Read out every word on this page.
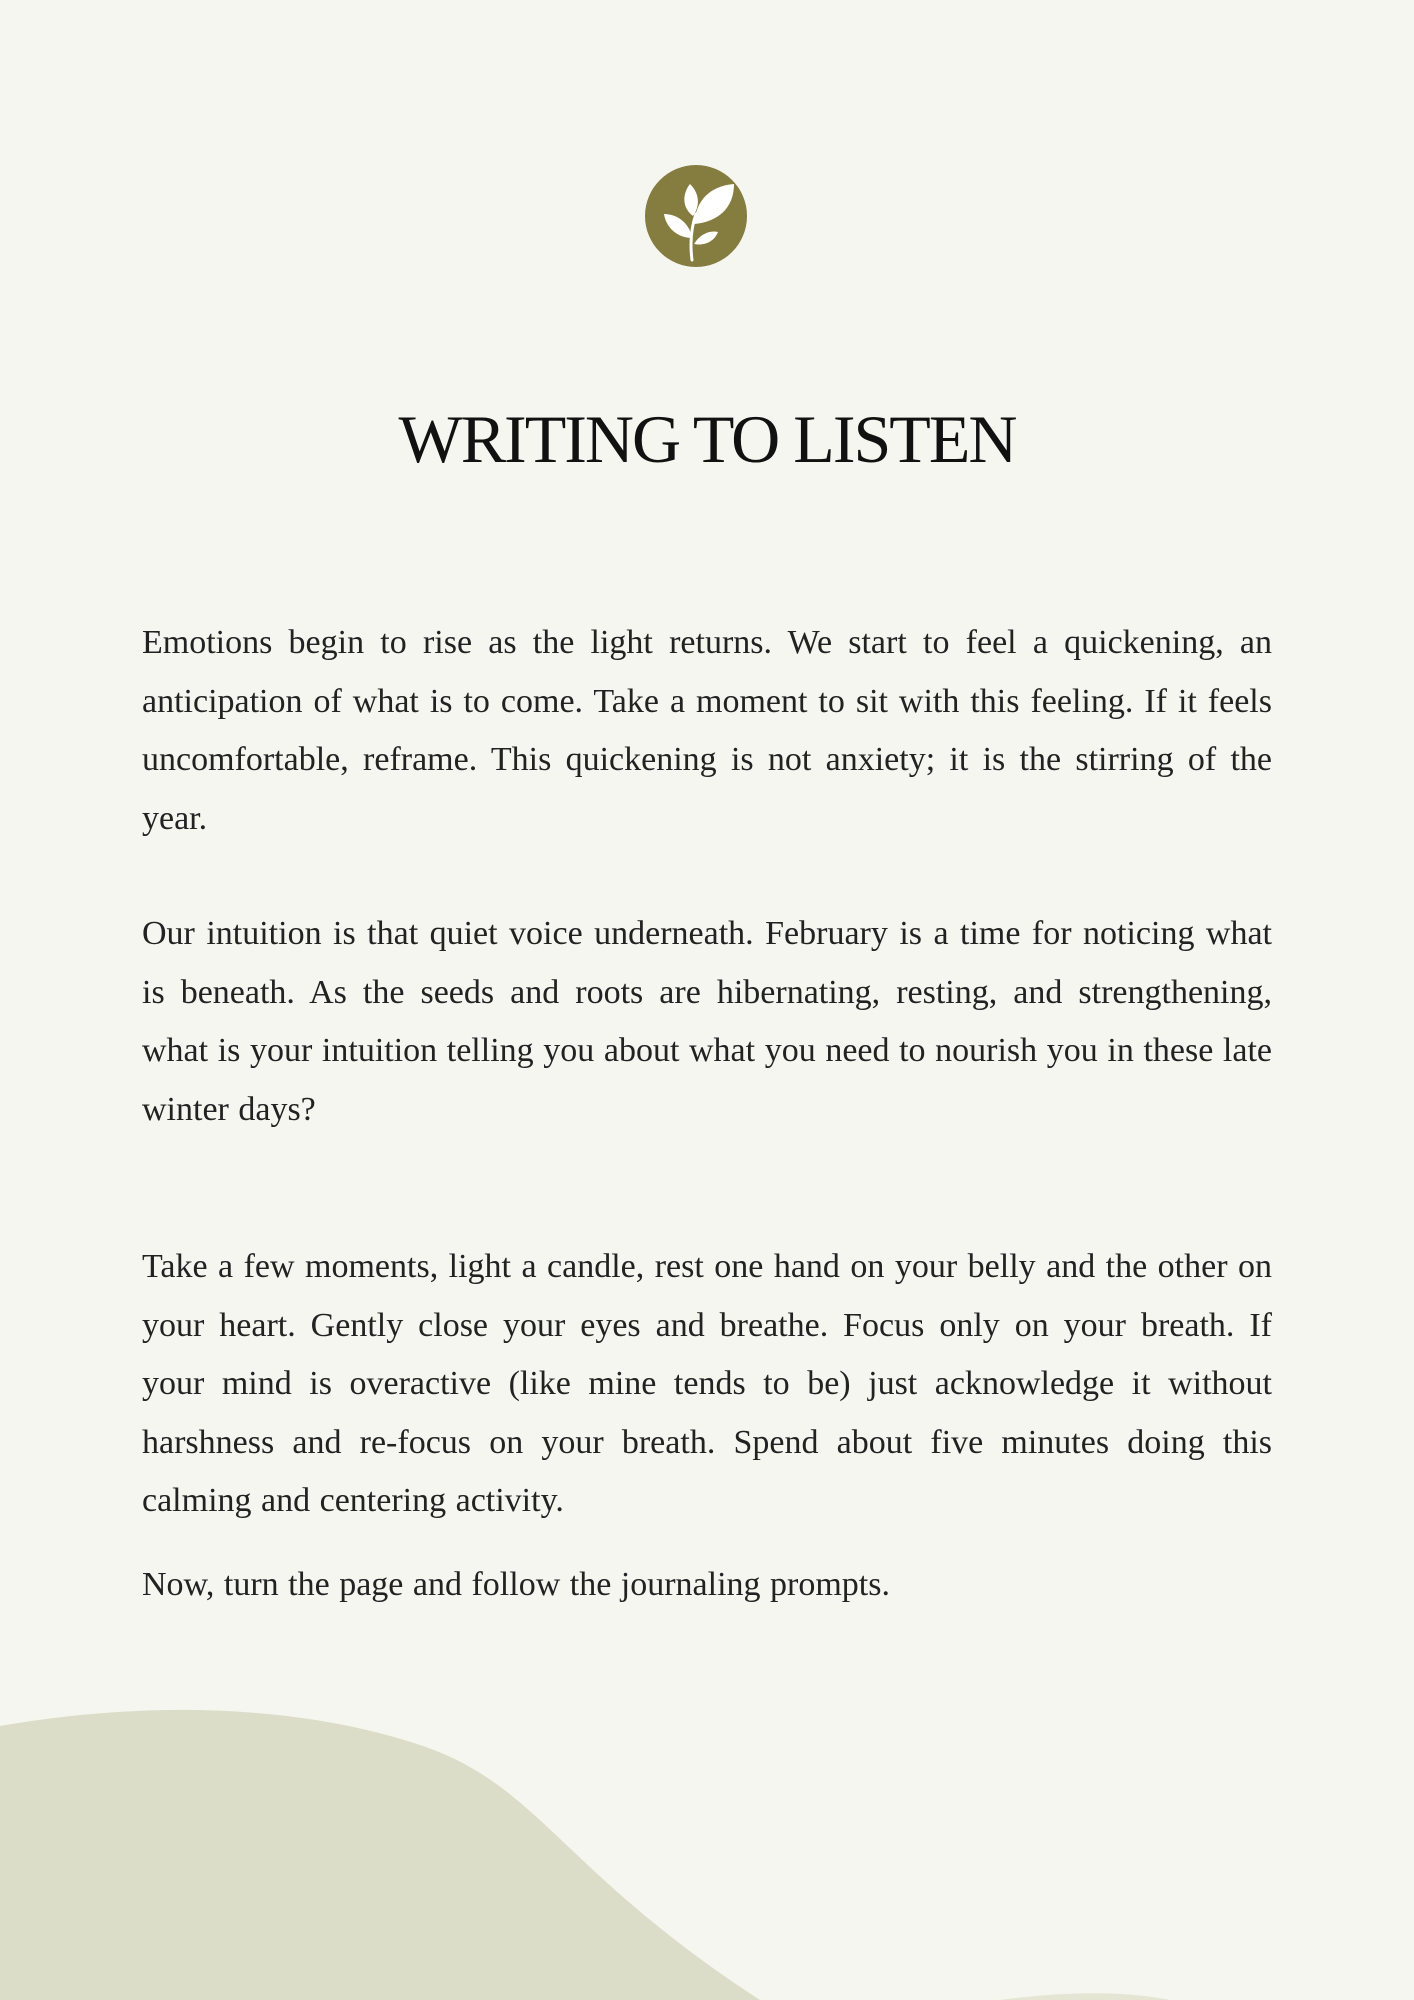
WRITING TO LISTEN

Emotions begin to rise as the light returns. We start to feel a quickening, an anticipation of what is to come. Take a moment to sit with this feeling. If it feels uncomfortable, reframe. This quickening is not anxiety; it is the stirring of the year.

Our intuition is that quiet voice underneath. February is a time for noticing what is beneath. As the seeds and roots are hibernating, resting, and strengthening, what is your intuition telling you about what you need to nourish you in these late winter days?

Take a few moments, light a candle, rest one hand on your belly and the other on your heart. Gently close your eyes and breathe. Focus only on your breath. If your mind is overactive (like mine tends to be) just acknowledge it without harshness and re-focus on your breath. Spend about five minutes doing this calming and centering activity.

Now, turn the page and follow the journaling prompts.
